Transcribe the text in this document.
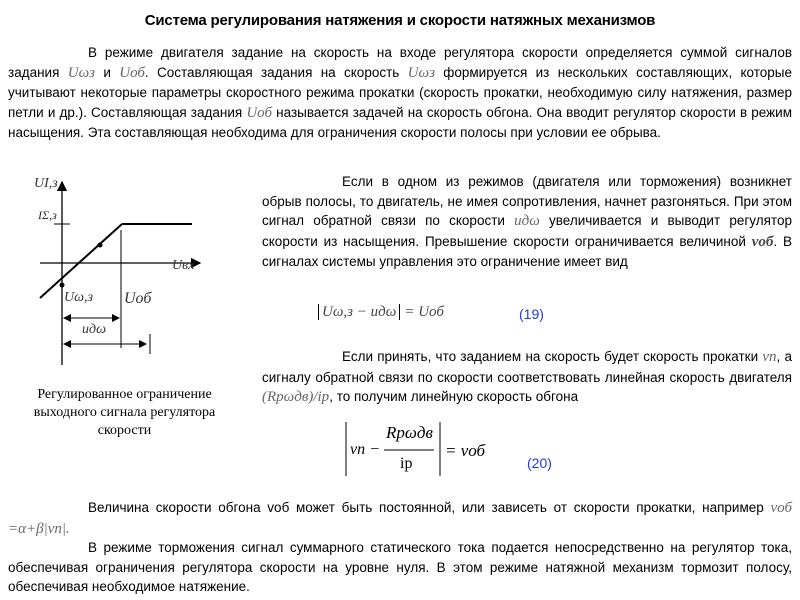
Система регулирования натяжения и скорости натяжных механизмов

В режиме двигателя задание на скорость на входе регулятора скорости определяется суммой сигналов задания Uωз и Uоб. Составляющая задания на скорость Uωз формируется из нескольких составляющих, которые учитывают некоторые параметры скоростного режима прокатки (скорость прокатки, необходимую силу натяжения, размер петли и др.). Составляющая задания Uоб называется задачей на скорость обгона. Она вводит регулятор скорости в режим насыщения. Эта составляющая необходима для ограничения скорости полосы при условии ее обрыва.

UI,з
IΣ,з
Uвх
Uω,з Uоб
uдω
Регулированное ограничение выходного сигнала регулятора скорости

Если в одном из режимов (двигателя или торможения) возникнет обрыв полосы, то двигатель, не имея сопротивления, начнет разгоняться. При этом сигнал обратной связи по скорости uдω увеличивается и выводит регулятор скорости из насыщения. Превышение скорости ограничивается величиной vоб. В сигналах системы управления это ограничение имеет вид

Uω,з − uдω = Uоб	(19)

Если принять, что заданием на скорость будет скорость прокатки vп, а сигналу обратной связи по скорости соответствовать линейная скорость двигателя (Rрωдв)/iр, то получим линейную скорость обгона

vп −
Rрωдв
iр
= vоб
(20)

Величина скорости обгона vоб может быть постоянной, или зависеть от скорости прокатки, например vоб =α+β|vп|.

В режиме торможения сигнал суммарного статического тока подается непосредственно на регулятор тока, обеспечивая ограничения регулятора скорости на уровне нуля. В этом режиме натяжной механизм тормозит полосу, обеспечивая необходимое натяжение.
